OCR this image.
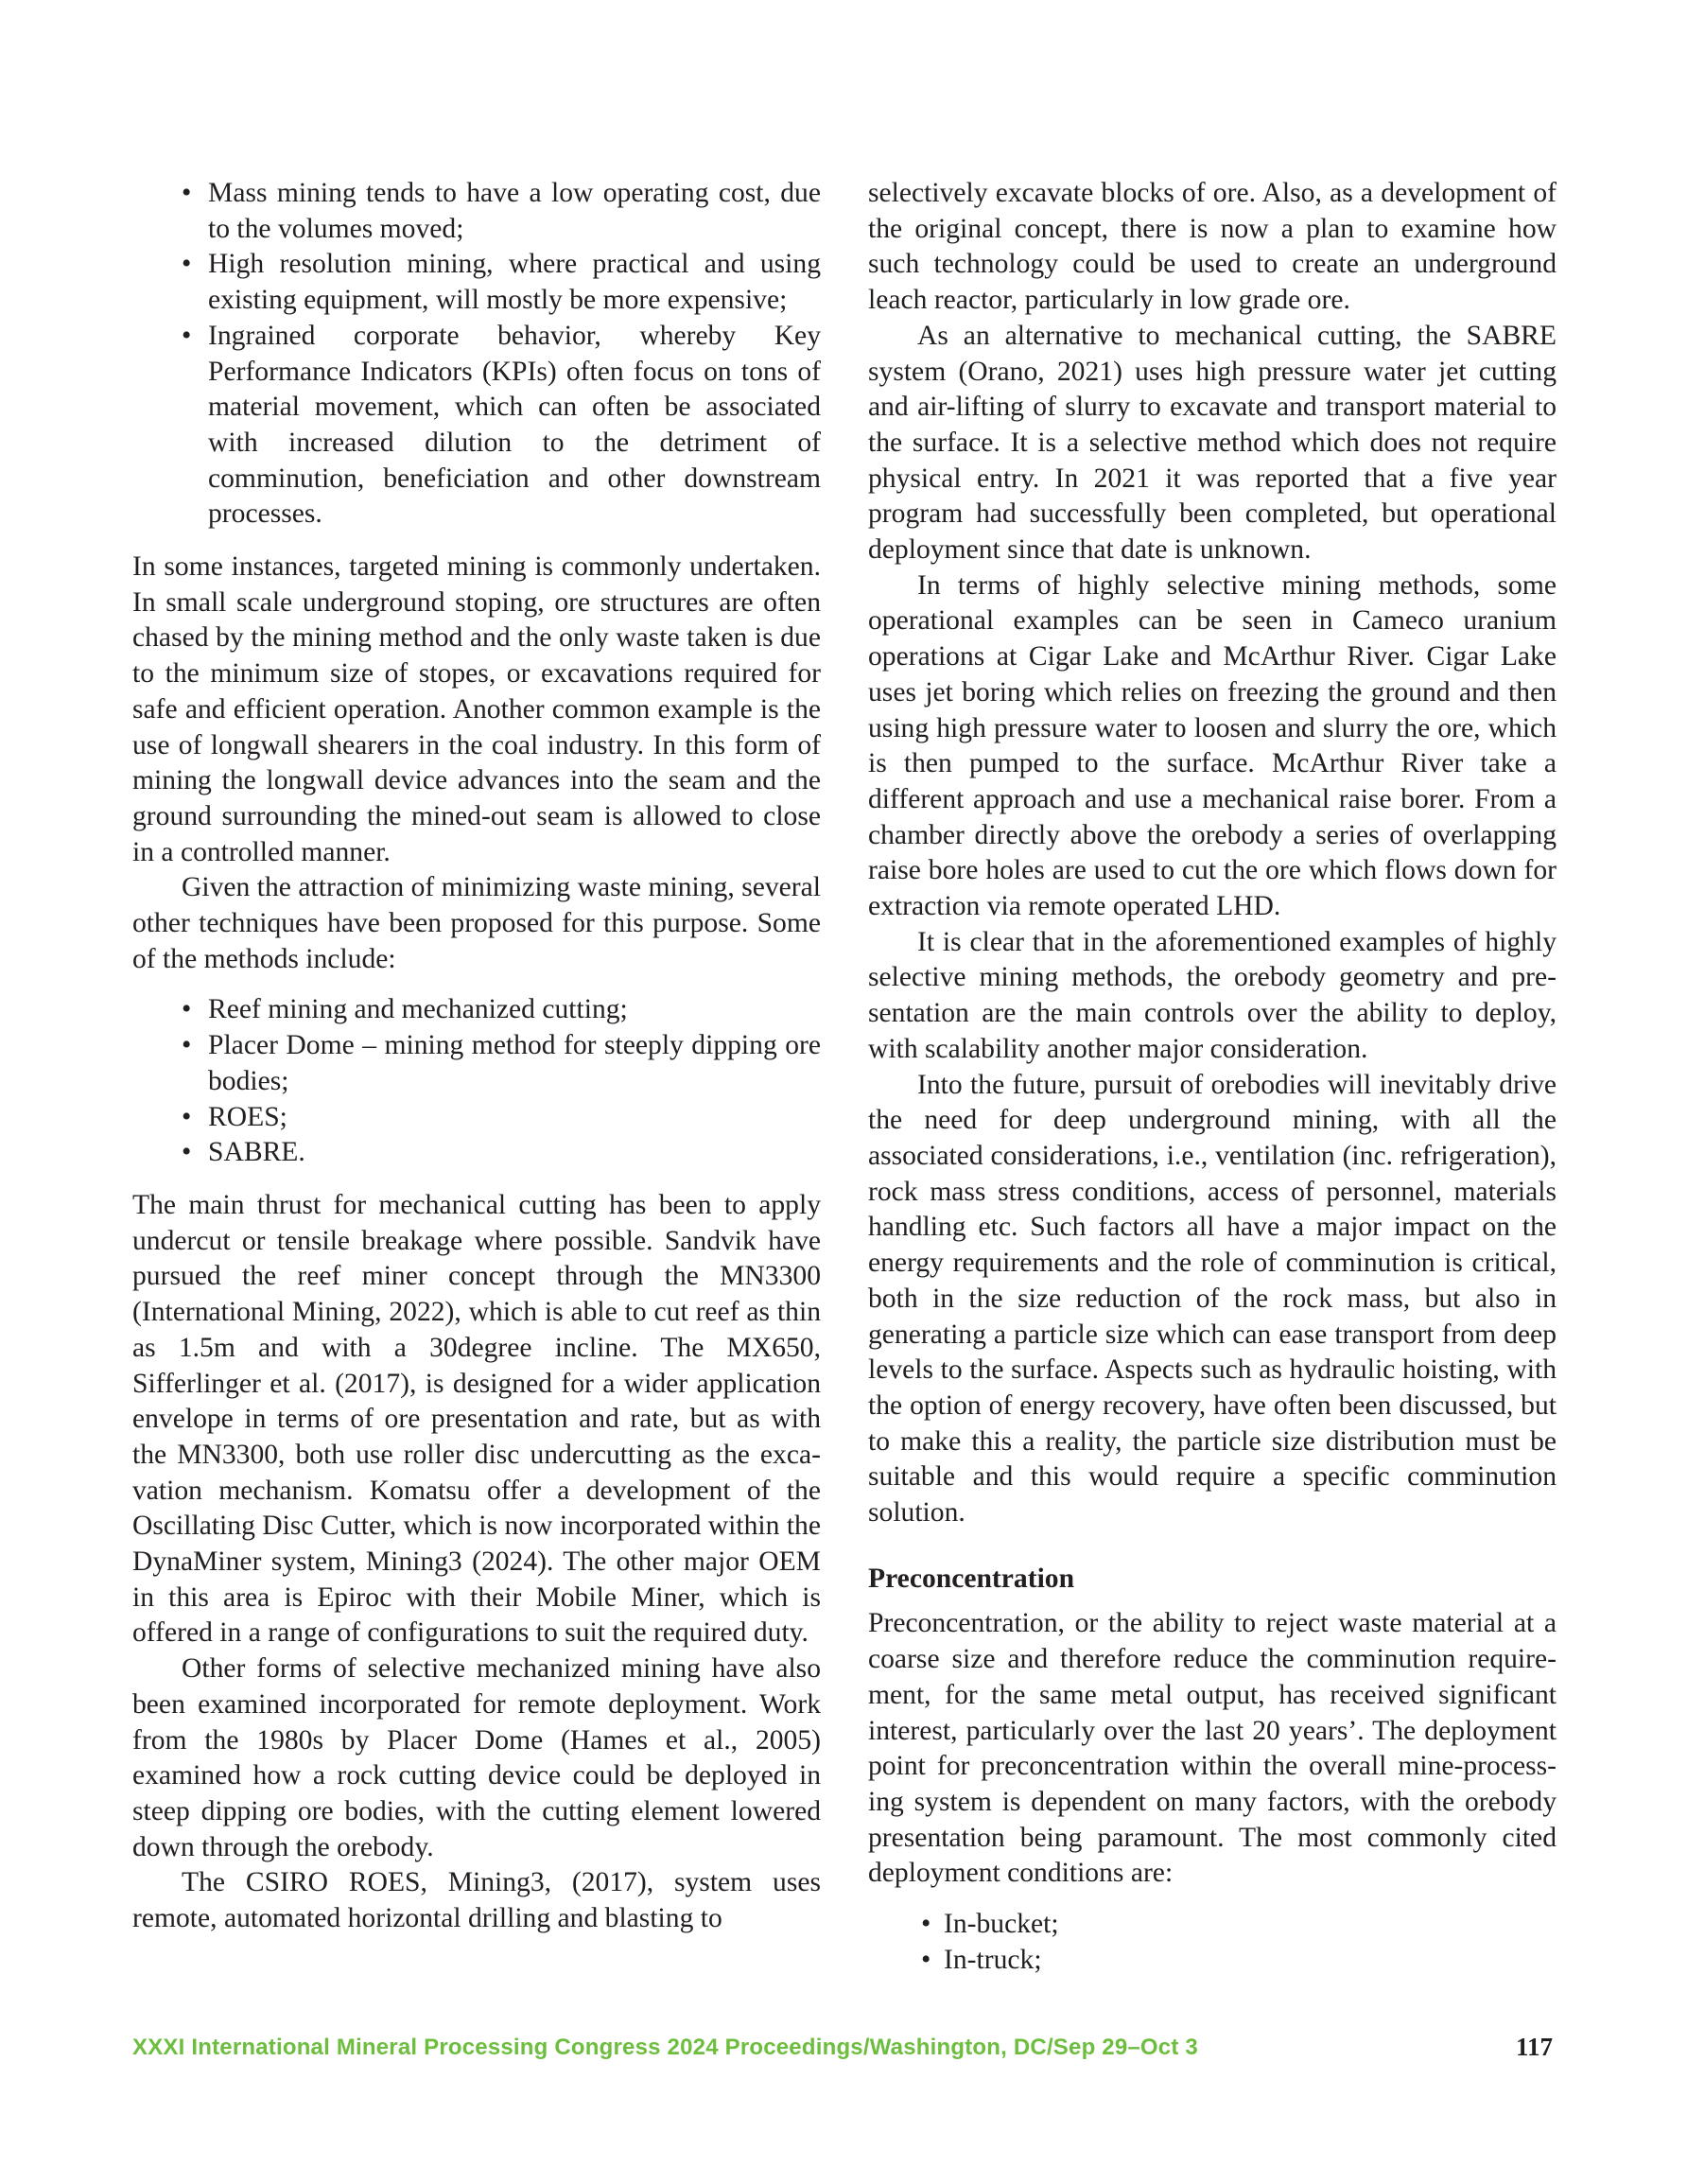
• Mass mining tends to have a low operating cost, due to the volumes moved;
• High resolution mining, where practical and using existing equipment, will mostly be more expensive;
• Ingrained corporate behavior, whereby Key Performance Indicators (KPIs) often focus on tons of material movement, which can often be associated with increased dilution to the detriment of comminution, beneficiation and other downstream processes.

In some instances, targeted mining is commonly undertaken. In small scale underground stoping, ore structures are often chased by the mining method and the only waste taken is due to the minimum size of stopes, or excavations required for safe and efficient operation. Another common example is the use of longwall shearers in the coal industry. In this form of mining the longwall device advances into the seam and the ground surrounding the mined-out seam is allowed to close in a controlled manner.

Given the attraction of minimizing waste mining, several other techniques have been proposed for this purpose. Some of the methods include:

• Reef mining and mechanized cutting;
• Placer Dome – mining method for steeply dipping ore bodies;
• ROES;
• SABRE.

The main thrust for mechanical cutting has been to apply undercut or tensile breakage where possible. Sandvik have pursued the reef miner concept through the MN3300 (International Mining, 2022), which is able to cut reef as thin as 1.5m and with a 30degree incline. The MX650, Sifferlinger et al. (2017), is designed for a wider application envelope in terms of ore presentation and rate, but as with the MN3300, both use roller disc undercutting as the excavation mechanism. Komatsu offer a development of the Oscillating Disc Cutter, which is now incorporated within the DynaMiner system, Mining3 (2024). The other major OEM in this area is Epiroc with their Mobile Miner, which is offered in a range of configurations to suit the required duty.

Other forms of selective mechanized mining have also been examined incorporated for remote deployment. Work from the 1980s by Placer Dome (Hames et al., 2005) examined how a rock cutting device could be deployed in steep dipping ore bodies, with the cutting element lowered down through the orebody.

The CSIRO ROES, Mining3, (2017), system uses remote, automated horizontal drilling and blasting to

selectively excavate blocks of ore. Also, as a development of the original concept, there is now a plan to examine how such technology could be used to create an underground leach reactor, particularly in low grade ore.

As an alternative to mechanical cutting, the SABRE system (Orano, 2021) uses high pressure water jet cutting and air-lifting of slurry to excavate and transport material to the surface. It is a selective method which does not require physical entry. In 2021 it was reported that a five year program had successfully been completed, but operational deployment since that date is unknown.

In terms of highly selective mining methods, some operational examples can be seen in Cameco uranium operations at Cigar Lake and McArthur River. Cigar Lake uses jet boring which relies on freezing the ground and then using high pressure water to loosen and slurry the ore, which is then pumped to the surface. McArthur River take a different approach and use a mechanical raise borer. From a chamber directly above the orebody a series of overlapping raise bore holes are used to cut the ore which flows down for extraction via remote operated LHD.

It is clear that in the aforementioned examples of highly selective mining methods, the orebody geometry and presentation are the main controls over the ability to deploy, with scalability another major consideration.

Into the future, pursuit of orebodies will inevitably drive the need for deep underground mining, with all the associated considerations, i.e., ventilation (inc. refrigeration), rock mass stress conditions, access of personnel, materials handling etc. Such factors all have a major impact on the energy requirements and the role of comminution is critical, both in the size reduction of the rock mass, but also in generating a particle size which can ease transport from deep levels to the surface. Aspects such as hydraulic hoisting, with the option of energy recovery, have often been discussed, but to make this a reality, the particle size distribution must be suitable and this would require a specific comminution solution.

Preconcentration

Preconcentration, or the ability to reject waste material at a coarse size and therefore reduce the comminution requirement, for the same metal output, has received significant interest, particularly over the last 20 years’. The deployment point for preconcentration within the overall mine-processing system is dependent on many factors, with the orebody presentation being paramount. The most commonly cited deployment conditions are:

• In-bucket;
• In-truck;
XXXI International Mineral Processing Congress 2024 Proceedings/Washington, DC/Sep 29–Oct 3	117
